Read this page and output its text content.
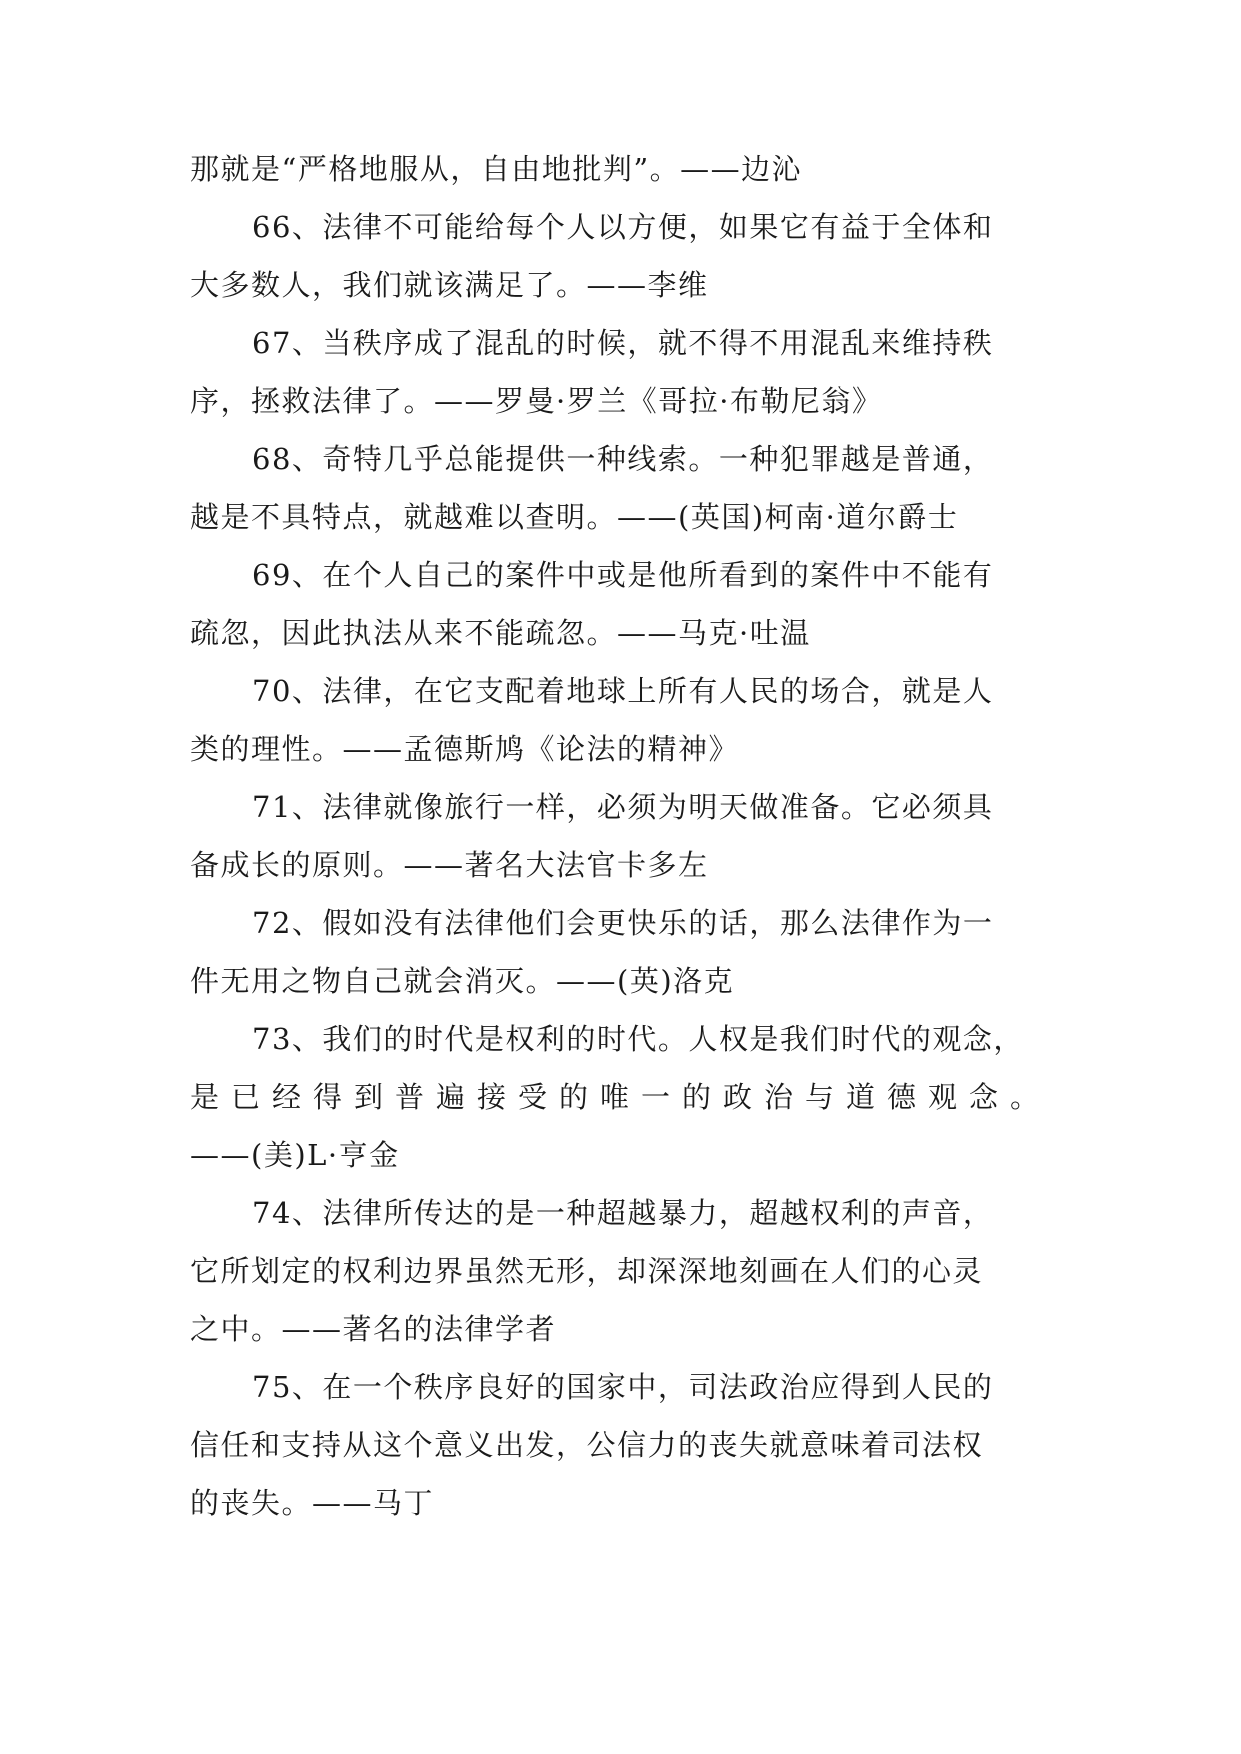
那就是“严格地服从，自由地批判”。——边沁
66、法律不可能给每个人以方便，如果它有益于全体和
大多数人，我们就该满足了。——李维
67、当秩序成了混乱的时候，就不得不用混乱来维持秩
序，拯救法律了。——罗曼·罗兰《哥拉·布勒尼翁》
68、奇特几乎总能提供一种线索。一种犯罪越是普通，
越是不具特点，就越难以查明。——(英国)柯南·道尔爵士
69、在个人自己的案件中或是他所看到的案件中不能有
疏忽，因此执法从来不能疏忽。——马克·吐温
70、法律，在它支配着地球上所有人民的场合，就是人
类的理性。——孟德斯鸠《论法的精神》
71、法律就像旅行一样，必须为明天做准备。它必须具
备成长的原则。——著名大法官卡多左
72、假如没有法律他们会更快乐的话，那么法律作为一
件无用之物自己就会消灭。——(英)洛克
73、我们的时代是权利的时代。人权是我们时代的观念，
是已经得到普遍接受的唯一的政治与道德观念。
——(美)L·亨金
74、法律所传达的是一种超越暴力，超越权利的声音，
它所划定的权利边界虽然无形，却深深地刻画在人们的心灵
之中。——著名的法律学者
75、在一个秩序良好的国家中，司法政治应得到人民的
信任和支持从这个意义出发，公信力的丧失就意味着司法权
的丧失。——马丁
